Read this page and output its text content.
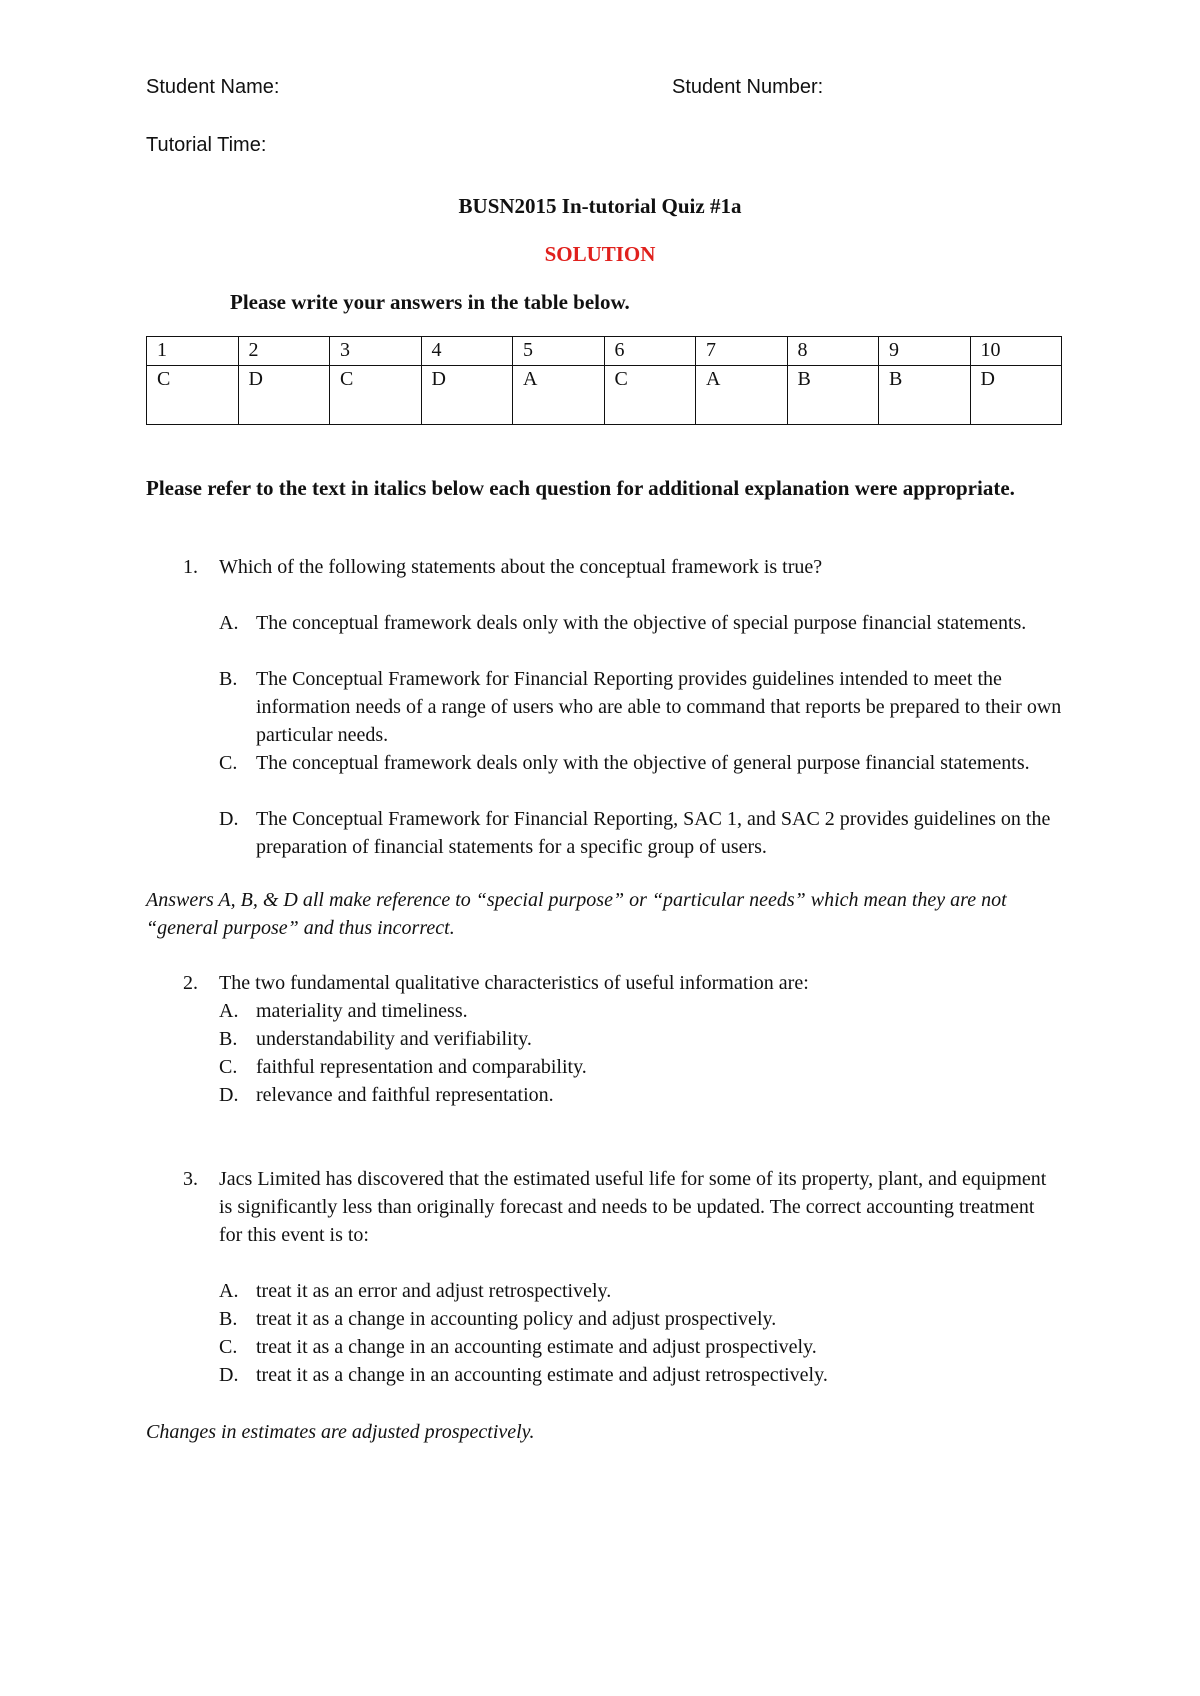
Student Name:	Student Number:
Tutorial Time:
BUSN2015 In-tutorial Quiz #1a
SOLUTION
Please write your answers in the table below.
1	2	3	4	5	6	7	8	9	10
C	D	C	D	A	C	A	B	B	D
Please refer to the text in italics below each question for additional explanation were appropriate.
1. Which of the following statements about the conceptual framework is true?
A. The conceptual framework deals only with the objective of special purpose financial statements.
B. The Conceptual Framework for Financial Reporting provides guidelines intended to meet the information needs of a range of users who are able to command that reports be prepared to their own particular needs.
C. The conceptual framework deals only with the objective of general purpose financial statements.
D. The Conceptual Framework for Financial Reporting, SAC 1, and SAC 2 provides guidelines on the preparation of financial statements for a specific group of users.
Answers A, B, & D all make reference to “special purpose” or “particular needs” which mean they are not “general purpose” and thus incorrect.
2. The two fundamental qualitative characteristics of useful information are:
A. materiality and timeliness.
B. understandability and verifiability.
C. faithful representation and comparability.
D. relevance and faithful representation.
3. Jacs Limited has discovered that the estimated useful life for some of its property, plant, and equipment is significantly less than originally forecast and needs to be updated. The correct accounting treatment for this event is to:
A. treat it as an error and adjust retrospectively.
B. treat it as a change in accounting policy and adjust prospectively.
C. treat it as a change in an accounting estimate and adjust prospectively.
D. treat it as a change in an accounting estimate and adjust retrospectively.
Changes in estimates are adjusted prospectively.
